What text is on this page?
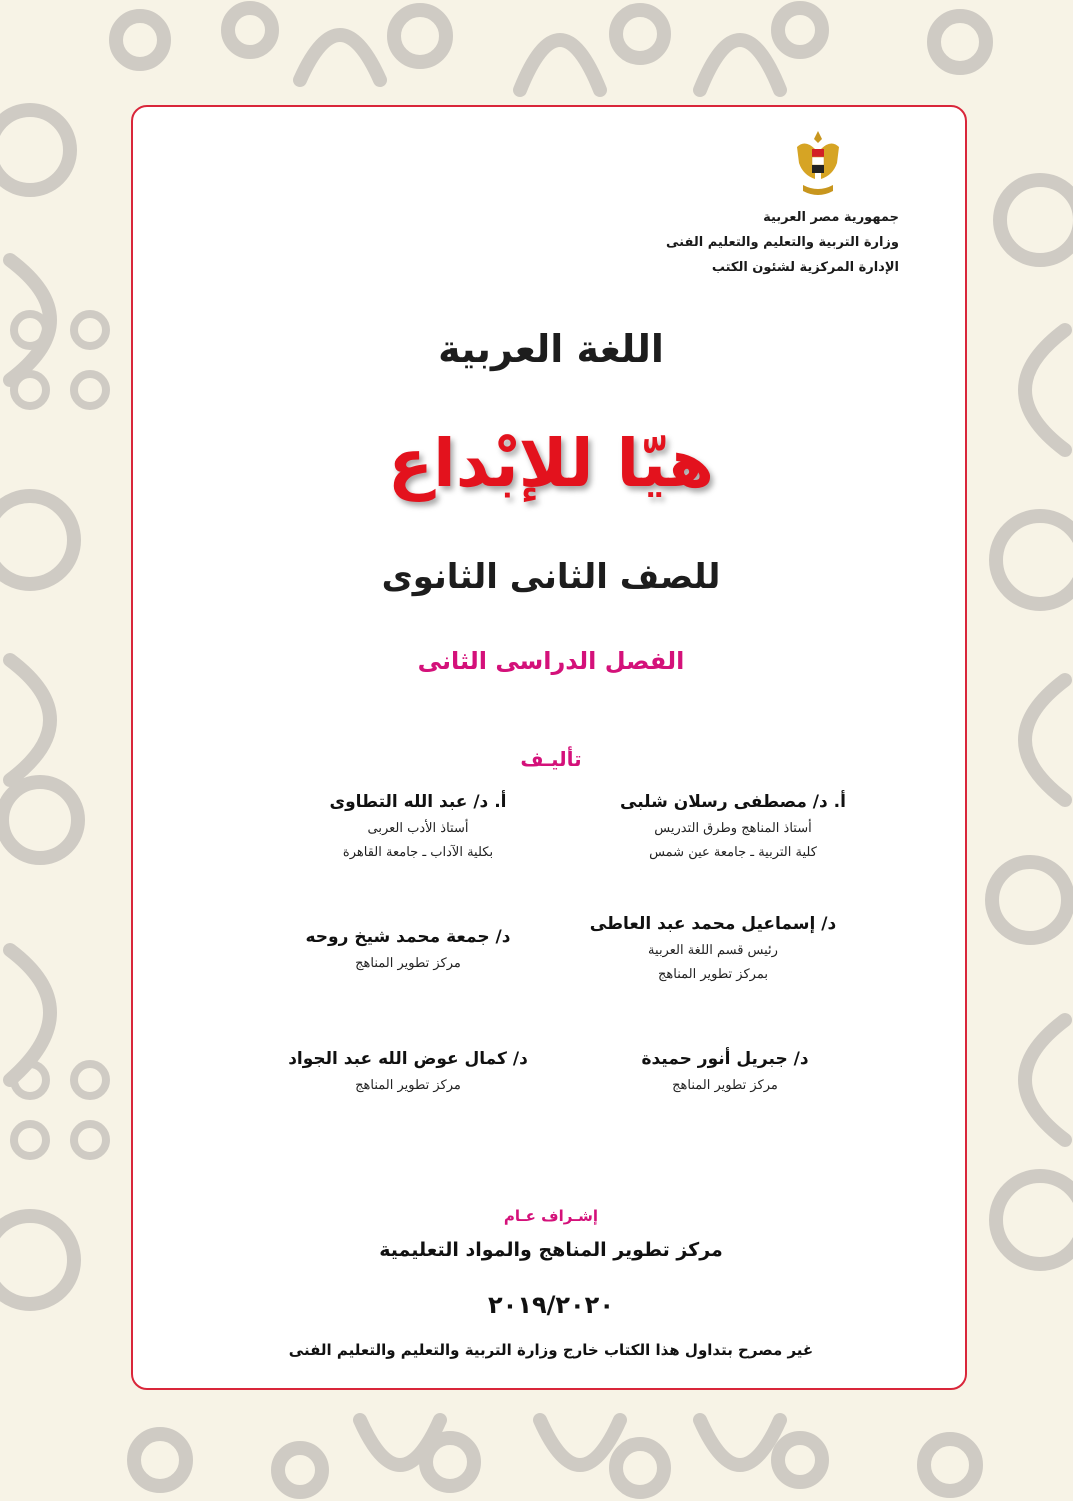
جمهورية مصر العربية
وزارة التربية والتعليم والتعليم الفنى
الإدارة المركزية لشئون الكتب
اللغة العربية
هيّا للإبْداع
للصف الثانى الثانوى
الفصل الدراسى الثانى
تأليـف
أ. د/ مصطفى رسلان شلبى
أستاذ المناهج وطرق التدريس
كلية التربية ـ جامعة عين شمس
أ. د/ عبد الله التطاوى
أستاذ الأدب العربى
بكلية الآداب ـ جامعة القاهرة
د/ إسماعيل محمد عبد العاطى
رئيس قسم اللغة العربية
بمركز تطوير المناهج
د/ جمعة محمد شيخ روحه
مركز تطوير المناهج
د/ جبريل أنور حميدة
مركز تطوير المناهج
د/ كمال عوض الله عبد الجواد
مركز تطوير المناهج
إشـراف عـام
مركز تطوير المناهج والمواد التعليمية
٢٠١٩/٢٠٢٠
غير مصرح بتداول هذا الكتاب خارج وزارة التربية والتعليم والتعليم الفنى
